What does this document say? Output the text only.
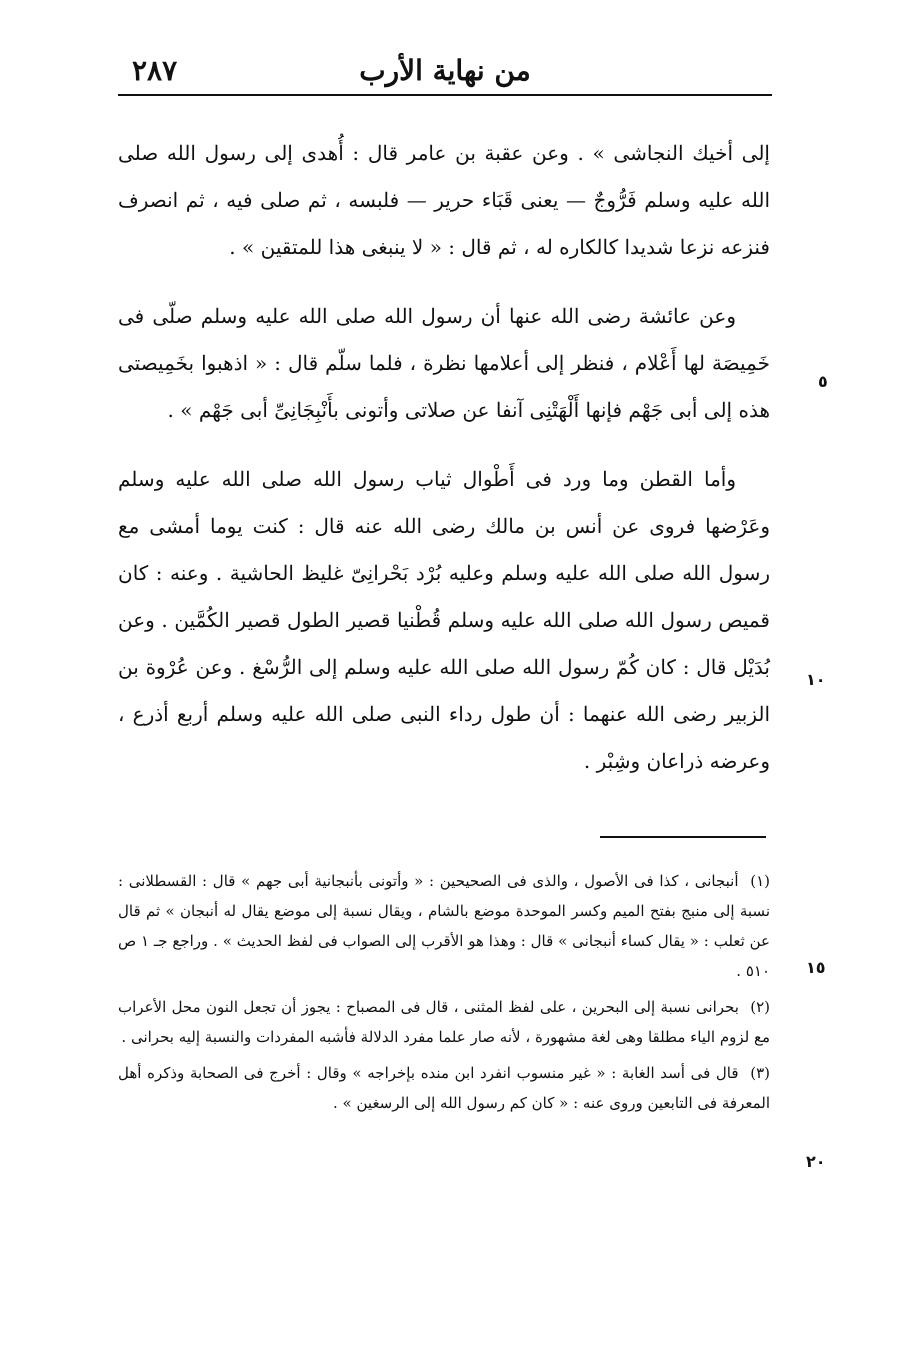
٢٨٧	من نهاية الأرب

إلى أخيك النجاشى » . وعن عقبة بن عامر قال : أُهدى إلى رسول الله صلى الله عليه وسلم فَرُّوجٌ — يعنى قَبَاء حرير — فلبسه ، ثم صلى فيه ، ثم انصرف فنزعه نزعا شديدا كالكاره له ، ثم قال : « لا ينبغى هذا للمتقين » .

وعن عائشة رضى الله عنها أن رسول الله صلى الله عليه وسلم صلّى فى خَمِيصَة لها أَعْلام ، فنظر إلى أعلامها نظرة ، فلما سلّم قال : « اذهبوا بخَمِيصتى هذه إلى أبى جَهْم فإنها أَلْهَتْنِى آنفا عن صلاتى وأتونى بأَنْبِجَانِىِّ أبى جَهْم » .

وأما القطن وما ورد فى أَطْوال ثياب رسول الله صلى الله عليه وسلم وعَرْضها فروى عن أنس بن مالك رضى الله عنه قال : كنت يوما أمشى مع رسول الله صلى الله عليه وسلم وعليه بُرْد بَحْرانِىّ غليظ الحاشية . وعنه : كان قميص رسول الله صلى الله عليه وسلم قُطْنيا قصير الطول قصير الكُمَّين . وعن بُدَيْل قال : كان كُمّ رسول الله صلى الله عليه وسلم إلى الرُّسْغ . وعن عُرْوة بن الزبير رضى الله عنهما : أن طول رداء النبى صلى الله عليه وسلم أربع أذرع ، وعرضه ذراعان وشِبْر .

٥
١٠
١٥
٢٠

(١) أنبجانى ، كذا فى الأصول ، والذى فى الصحيحين : « وأتونى بأنبجانية أبى جهم » قال : القسطلانى : نسبة إلى منبج بفتح الميم وكسر الموحدة موضع بالشام ، ويقال نسبة إلى موضع يقال له أنبجان » ثم قال عن ثعلب : « يقال كساء أنبجانى » قال : وهذا هو الأقرب إلى الصواب فى لفظ الحديث » . وراجع جـ ١ ص ٥١٠ .

(٢) بحرانى نسبة إلى البحرين ، على لفظ المثنى ، قال فى المصباح : يجوز أن تجعل النون محل الأعراب مع لزوم الياء مطلقا وهى لغة مشهورة ، لأنه صار علما مفرد الدلالة فأشبه المفردات والنسبة إليه بحرانى .

(٣) قال فى أسد الغابة : « غير منسوب انفرد ابن منده بإخراجه » وقال : أخرج فى الصحابة وذكره أهل المعرفة فى التابعين وروى عنه : « كان كم رسول الله إلى الرسغين » .
